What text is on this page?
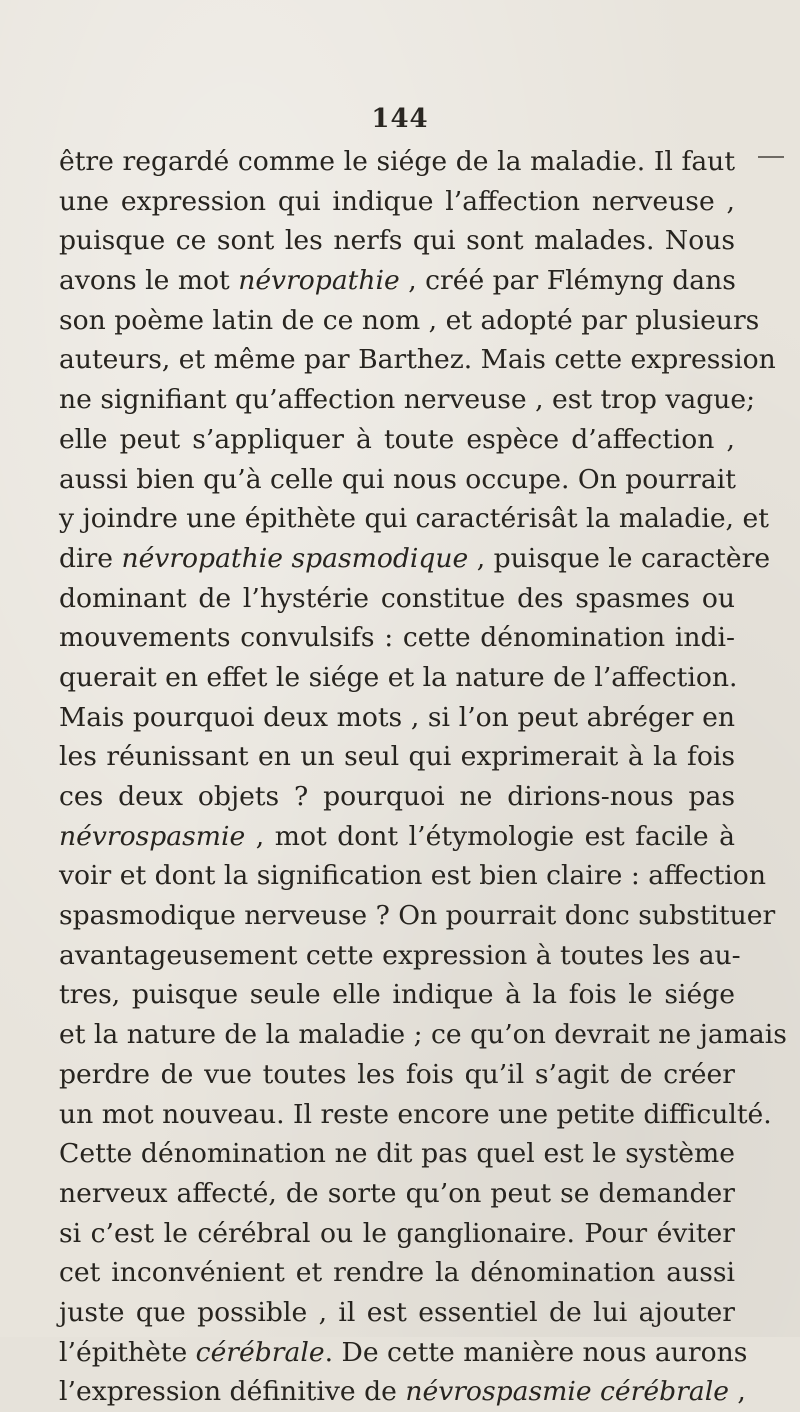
144
être regardé comme le siége de la maladie. Il faut
une expression qui indique l’affection nerveuse ,
puisque ce sont les nerfs qui sont malades. Nous
avons le mot névropathie , créé par Flémyng dans
son poème latin de ce nom , et adopté par plusieurs
auteurs, et même par Barthez. Mais cette expression
ne signifiant qu’affection nerveuse , est trop vague;
elle peut s’appliquer à toute espèce d’affection ,
aussi bien qu’à celle qui nous occupe. On pourrait
y joindre une épithète qui caractérisât la maladie, et
dire névropathie spasmodique , puisque le caractère
dominant de l’hystérie constitue des spasmes ou
mouvements convulsifs : cette dénomination indi-
querait en effet le siége et la nature de l’affection.
Mais pourquoi deux mots , si l’on peut abréger en
les réunissant en un seul qui exprimerait à la fois
ces deux objets ? pourquoi ne dirions-nous pas
névrospasmie , mot dont l’étymologie est facile à
voir et dont la signification est bien claire : affection
spasmodique nerveuse ? On pourrait donc substituer
avantageusement cette expression à toutes les au-
tres, puisque seule elle indique à la fois le siége
et la nature de la maladie ; ce qu’on devrait ne jamais
perdre de vue toutes les fois qu’il s’agit de créer
un mot nouveau. Il reste encore une petite difficulté.
Cette dénomination ne dit pas quel est le système
nerveux affecté, de sorte qu’on peut se demander
si c’est le cérébral ou le ganglionaire. Pour éviter
cet inconvénient et rendre la dénomination aussi
juste que possible , il est essentiel de lui ajouter
l’épithète cérébrale. De cette manière nous aurons
l’expression définitive de névrospasmie cérébrale ,
